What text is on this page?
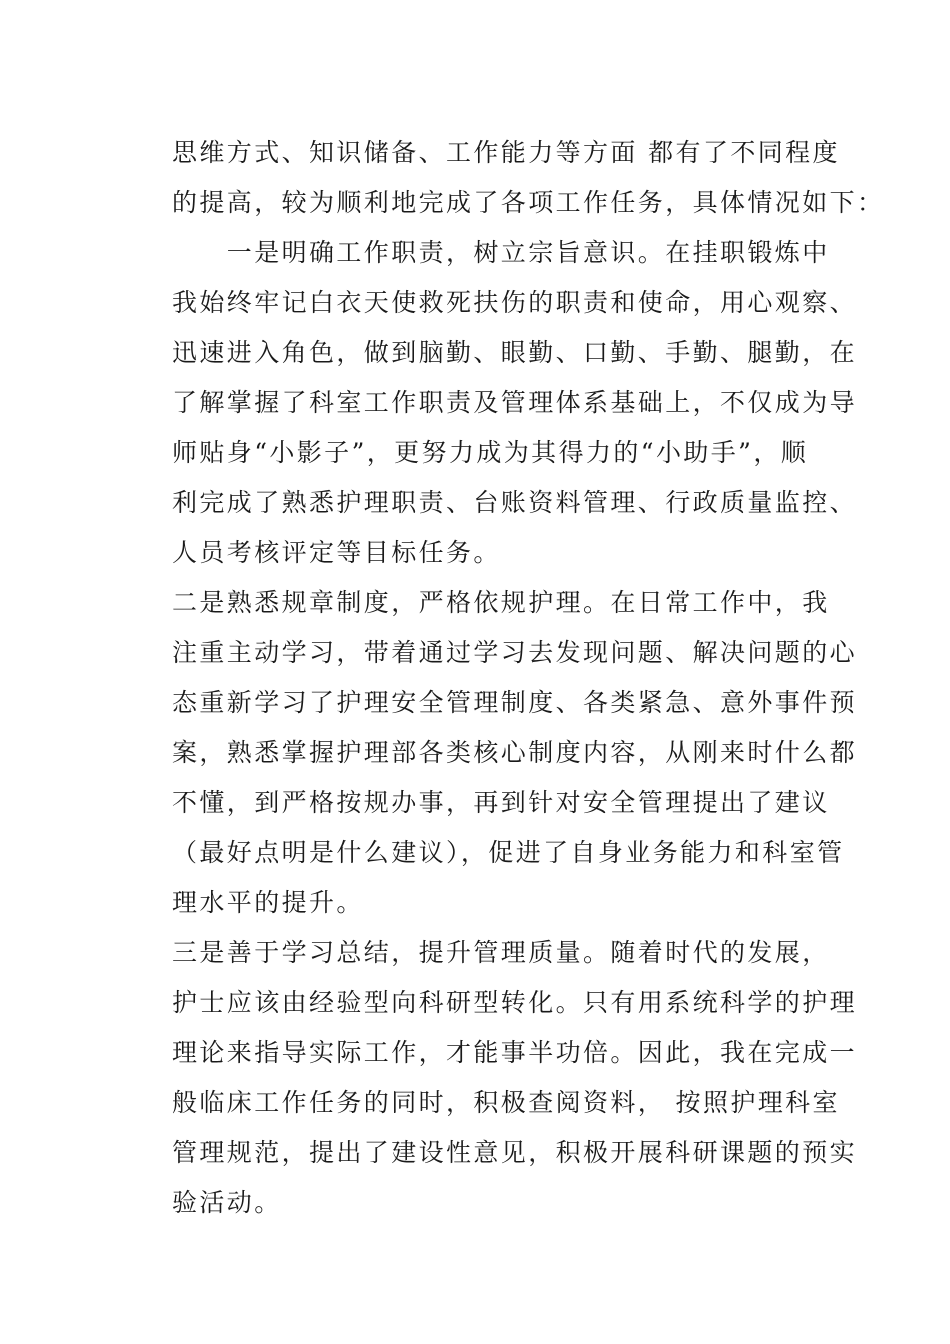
思维方式、知识储备、工作能力等方面 都有了不同程度
的提高，较为顺利地完成了各项工作任务，具体情况如下：
　　一是明确工作职责，树立宗旨意识。在挂职锻炼中
我始终牢记白衣天使救死扶伤的职责和使命，用心观察、
迅速进入角色，做到脑勤、眼勤、口勤、手勤、腿勤，在
了解掌握了科室工作职责及管理体系基础上，不仅成为导
师贴身“小影子”，更努力成为其得力的“小助手”，顺
利完成了熟悉护理职责、台账资料管理、行政质量监控、
人员考核评定等目标任务。
二是熟悉规章制度，严格依规护理。在日常工作中，我
注重主动学习，带着通过学习去发现问题、解决问题的心
态重新学习了护理安全管理制度、各类紧急、意外事件预
案，熟悉掌握护理部各类核心制度内容，从刚来时什么都
不懂，到严格按规办事，再到针对安全管理提出了建议
（最好点明是什么建议），促进了自身业务能力和科室管
理水平的提升。
三是善于学习总结，提升管理质量。随着时代的发展，
护士应该由经验型向科研型转化。只有用系统科学的护理
理论来指导实际工作，才能事半功倍。因此，我在完成一
般临床工作任务的同时，积极查阅资料， 按照护理科室
管理规范，提出了建设性意见，积极开展科研课题的预实
验活动。
